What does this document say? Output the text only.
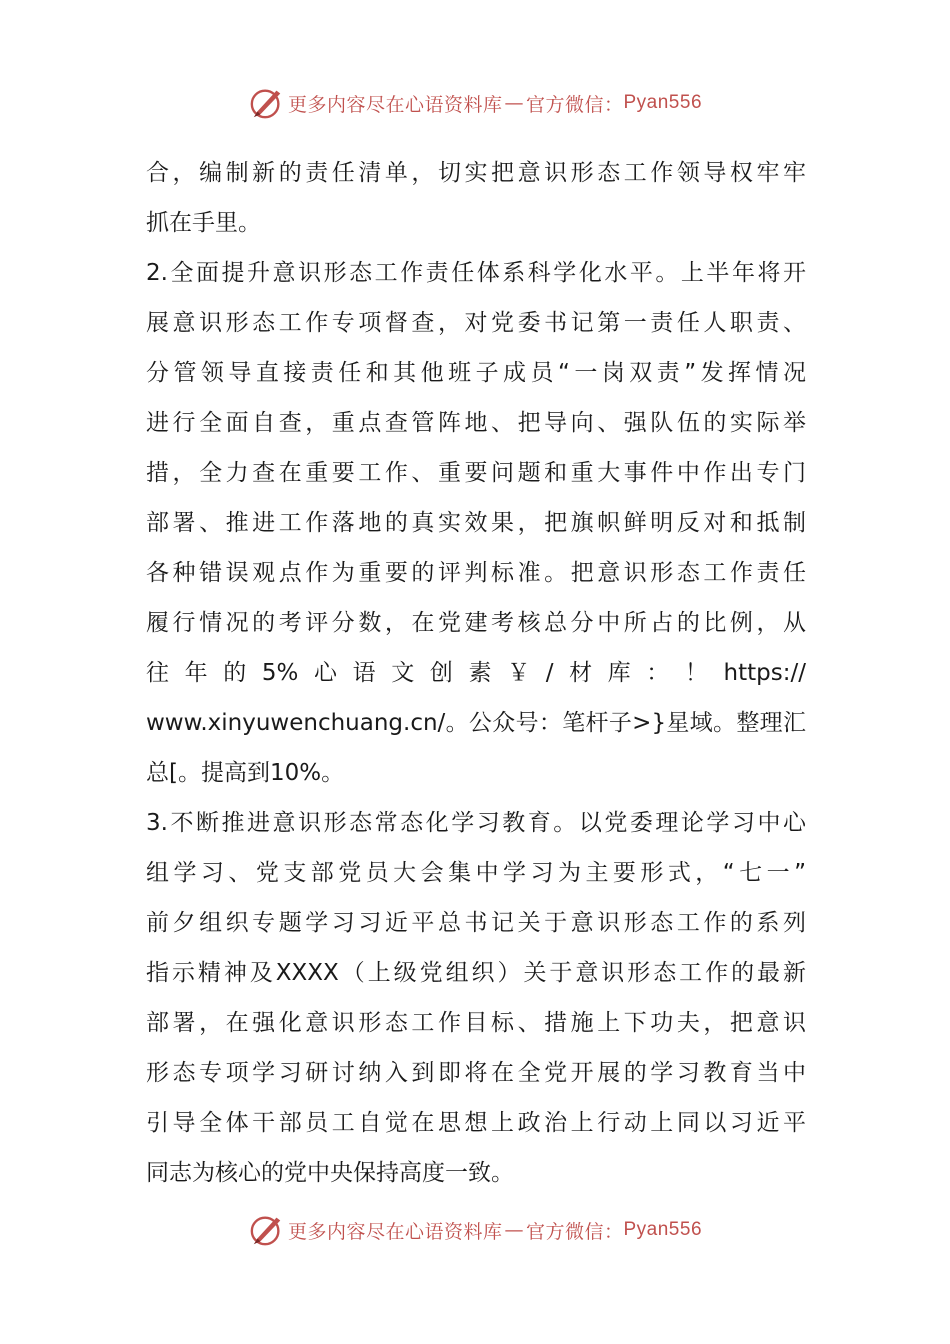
更多内容尽在心语资料库 — 官方微信： Pyan556
合，编制新的责任清单，切实把意识形态工作领导权牢牢
抓在手里。
2.全面提升意识形态工作责任体系科学化水平。上半年将开
展意识形态工作专项督查，对党委书记第一责任人职责、
分管领导直接责任和其他班子成员“一岗双责”发挥情况
进行全面自查，重点查管阵地、把导向、强队伍的实际举
措，全力查在重要工作、重要问题和重大事件中作出专门
部署、推进工作落地的真实效果，把旗帜鲜明反对和抵制
各种错误观点作为重要的评判标准。把意识形态工作责任
履行情况的考评分数，在党建考核总分中所占的比例，从
往年的5%心语文创素￥/材库：！https://
www.xinyuwenchuang.cn/。公众号：笔杆子>}星域。整理汇
总[。提高到10%。
3.不断推进意识形态常态化学习教育。以党委理论学习中心
组学习、党支部党员大会集中学习为主要形式，“七一”
前夕组织专题学习习近平总书记关于意识形态工作的系列
指示精神及XXXX（上级党组织）关于意识形态工作的最新
部署，在强化意识形态工作目标、措施上下功夫，把意识
形态专项学习研讨纳入到即将在全党开展的学习教育当中
引导全体干部员工自觉在思想上政治上行动上同以习近平
同志为核心的党中央保持高度一致。
更多内容尽在心语资料库 — 官方微信： Pyan556
